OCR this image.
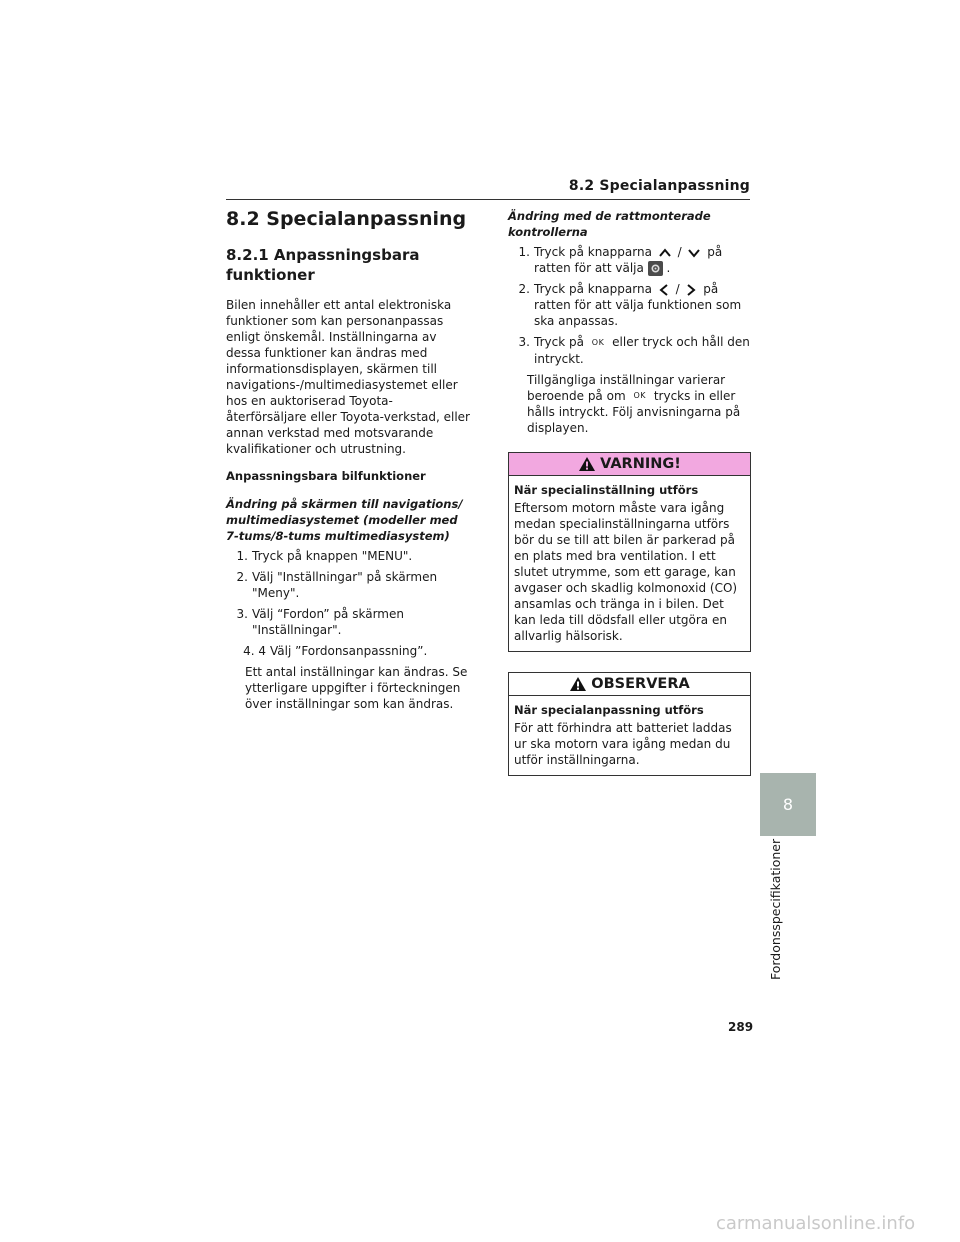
8.2 Specialanpassning
8.2 Specialanpassning
8.2.1 Anpassningsbara funktioner

Bilen innehåller ett antal elektroniska funktioner som kan personanpassas enligt önskemål. Inställningarna av dessa funktioner kan ändras med informationsdisplayen, skärmen till navigations-/multimediasystemet eller hos en auktoriserad Toyota-återförsäljare eller Toyota-verkstad, eller annan verkstad med motsvarande kvalifikationer och utrustning.

Anpassningsbara bilfunktioner

Ändring på skärmen till navigations/ multimediasystemet (modeller med 7-tums/8-tums multimediasystem)

1. Tryck på knappen "MENU".
2. Välj "Inställningar" på skärmen "Meny".
3. Välj “Fordon” på skärmen "Inställningar".
4. 4 Välj ”Fordonsanpassning”.

Ett antal inställningar kan ändras. Se ytterligare uppgifter i förteckningen över inställningar som kan ändras.

Ändring med de rattmonterade kontrollerna

1. Tryck på knapparna / på ratten för att välja .
2. Tryck på knapparna / på ratten för att välja funktionen som ska anpassas.
3. Tryck på OK eller tryck och håll den intryckt.

Tillgängliga inställningar varierar beroende på om OK trycks in eller hålls intryckt. Följ anvisningarna på displayen.

VARNING!

När specialinställning utförs

Eftersom motorn måste vara igång medan specialinställningarna utförs bör du se till att bilen är parkerad på en plats med bra ventilation. I ett slutet utrymme, som ett garage, kan avgaser och skadlig kolmonoxid (CO) ansamlas och tränga in i bilen. Det kan leda till dödsfall eller utgöra en allvarlig hälsorisk.

OBSERVERA

När specialanpassning utförs

För att förhindra att batteriet laddas ur ska motorn vara igång medan du utför inställningarna.

8
Fordonsspecifikationer
289
carmanualsonline.info
